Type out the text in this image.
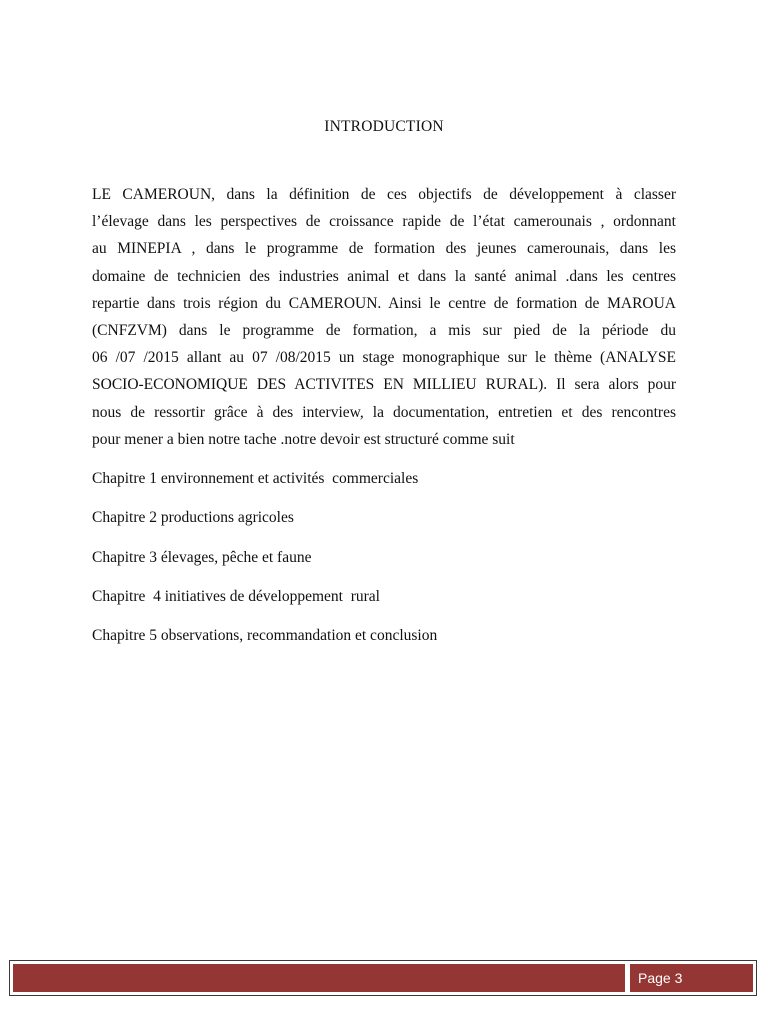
INTRODUCTION
LE CAMEROUN, dans la définition de ces objectifs de développement à classer
l’élevage dans les perspectives de croissance rapide de l’état camerounais , ordonnant
au MINEPIA , dans le programme de formation des jeunes camerounais, dans les
domaine de technicien des industries animal et dans la santé animal .dans les centres
repartie dans trois région du CAMEROUN. Ainsi le centre de formation de MAROUA
(CNFZVM) dans le programme de formation, a mis sur pied de la période du
06 /07 /2015 allant au 07 /08/2015 un stage monographique sur le thème (ANALYSE
SOCIO-ECONOMIQUE DES ACTIVITES EN MILLIEU RURAL). Il sera alors pour
nous de ressortir grâce à des interview, la documentation, entretien et des rencontres
pour mener a bien notre tache .notre devoir est structuré comme suit
Chapitre 1 environnement et activités  commerciales
Chapitre 2 productions agricoles
Chapitre 3 élevages, pêche et faune
Chapitre  4 initiatives de développement  rural
Chapitre 5 observations, recommandation et conclusion
Page 3
